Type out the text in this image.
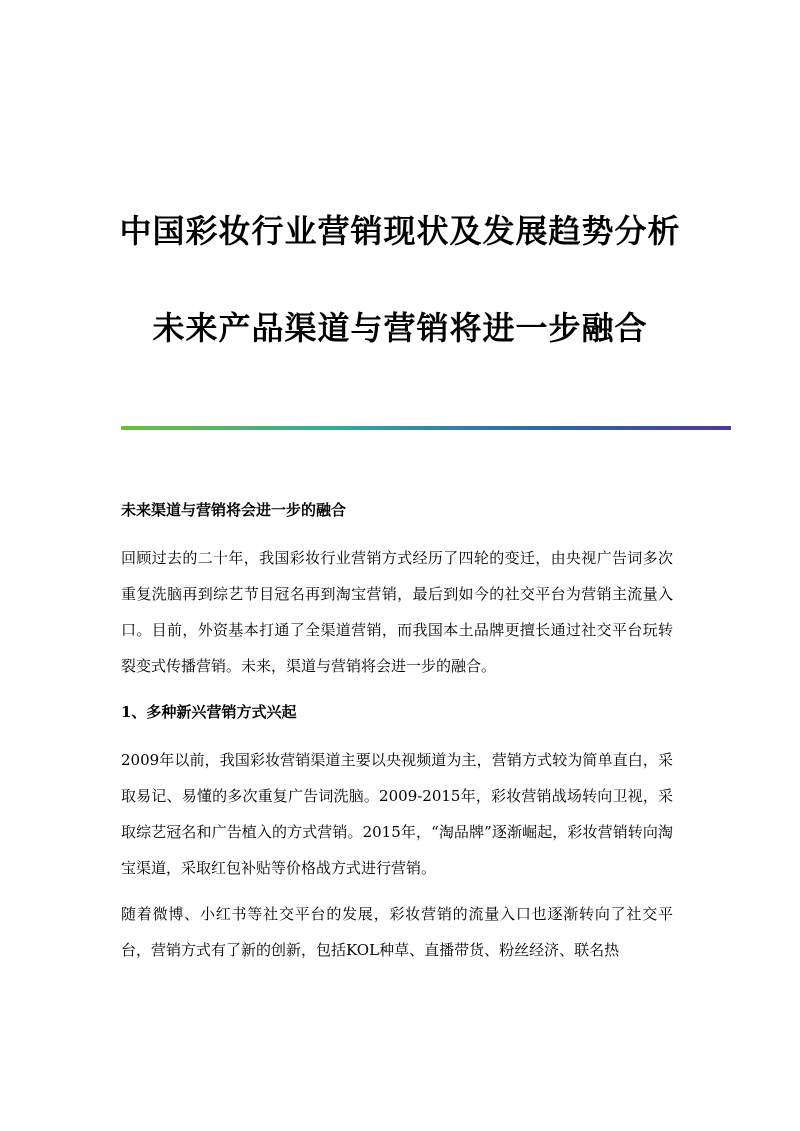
中国彩妆行业营销现状及发展趋势分析
未来产品渠道与营销将进一步融合

未来渠道与营销将会进一步的融合

回顾过去的二十年，我国彩妆行业营销方式经历了四轮的变迁，由央视广告词多次重复洗脑再到综艺节目冠名再到淘宝营销，最后到如今的社交平台为营销主流量入口。目前，外资基本打通了全渠道营销，而我国本土品牌更擅长通过社交平台玩转裂变式传播营销。未来，渠道与营销将会进一步的融合。

1、多种新兴营销方式兴起

2009年以前，我国彩妆营销渠道主要以央视频道为主，营销方式较为简单直白，采取易记、易懂的多次重复广告词洗脑。2009-2015年，彩妆营销战场转向卫视，采取综艺冠名和广告植入的方式营销。2015年，“淘品牌”逐渐崛起，彩妆营销转向淘宝渠道，采取红包补贴等价格战方式进行营销。

随着微博、小红书等社交平台的发展，彩妆营销的流量入口也逐渐转向了社交平台，营销方式有了新的创新，包括KOL种草、直播带货、粉丝经济、联名热
